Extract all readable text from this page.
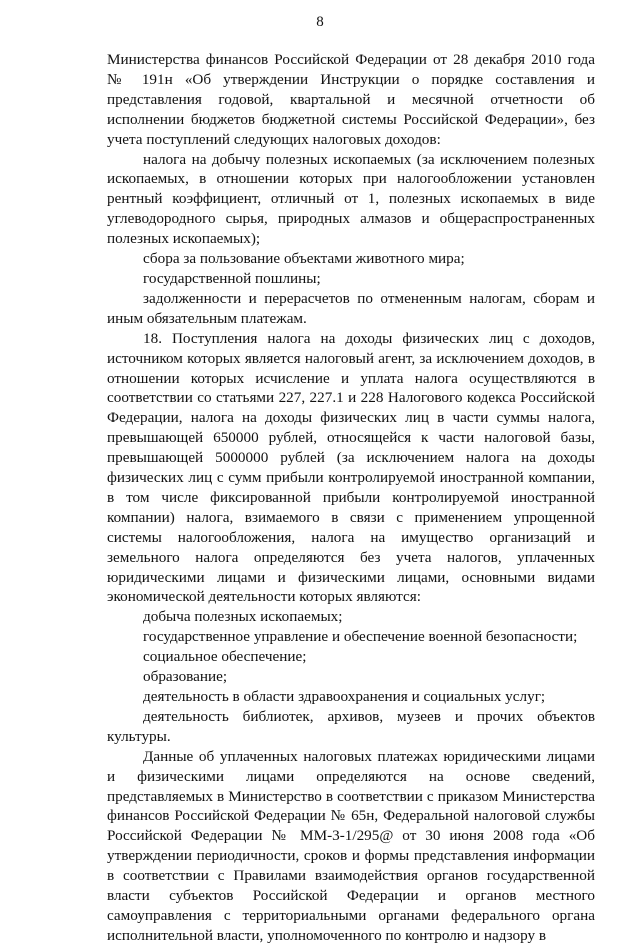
8

Министерства финансов Российской Федерации от 28 декабря 2010 года № 191н «Об утверждении Инструкции о порядке составления и представления годовой, квартальной и месячной отчетности об исполнении бюджетов бюджетной системы Российской Федерации», без учета поступлений следующих налоговых доходов:

налога на добычу полезных ископаемых (за исключением полезных ископаемых, в отношении которых при налогообложении установлен рентный коэффициент, отличный от 1, полезных ископаемых в виде углеводородного сырья, природных алмазов и общераспространенных полезных ископаемых);

сбора за пользование объектами животного мира;

государственной пошлины;

задолженности и перерасчетов по отмененным налогам, сборам и иным обязательным платежам.

18. Поступления налога на доходы физических лиц с доходов, источником которых является налоговый агент, за исключением доходов, в отношении которых исчисление и уплата налога осуществляются в соответствии со статьями 227, 227.1 и 228 Налогового кодекса Российской Федерации, налога на доходы физических лиц в части суммы налога, превышающей 650000 рублей, относящейся к части налоговой базы, превышающей 5000000 рублей (за исключением налога на доходы физических лиц с сумм прибыли контролируемой иностранной компании, в том числе фиксированной прибыли контролируемой иностранной компании) налога, взимаемого в связи с применением упрощенной системы налогообложения, налога на имущество организаций и земельного налога определяются без учета налогов, уплаченных юридическими лицами и физическими лицами, основными видами экономической деятельности которых являются:

добыча полезных ископаемых;

государственное управление и обеспечение военной безопасности;

социальное обеспечение;

образование;

деятельность в области здравоохранения и социальных услуг;

деятельность библиотек, архивов, музеев и прочих объектов культуры.

Данные об уплаченных налоговых платежах юридическими лицами и физическими лицами определяются на основе сведений, представляемых в Министерство в соответствии с приказом Министерства финансов Российской Федерации № 65н, Федеральной налоговой службы Российской Федерации № ММ-3-1/295@ от 30 июня 2008 года «Об утверждении периодичности, сроков и формы представления информации в соответствии с Правилами взаимодействия органов государственной власти субъектов Российской Федерации и органов местного самоуправления с территориальными органами федерального органа исполнительной власти, уполномоченного по контролю и надзору в
